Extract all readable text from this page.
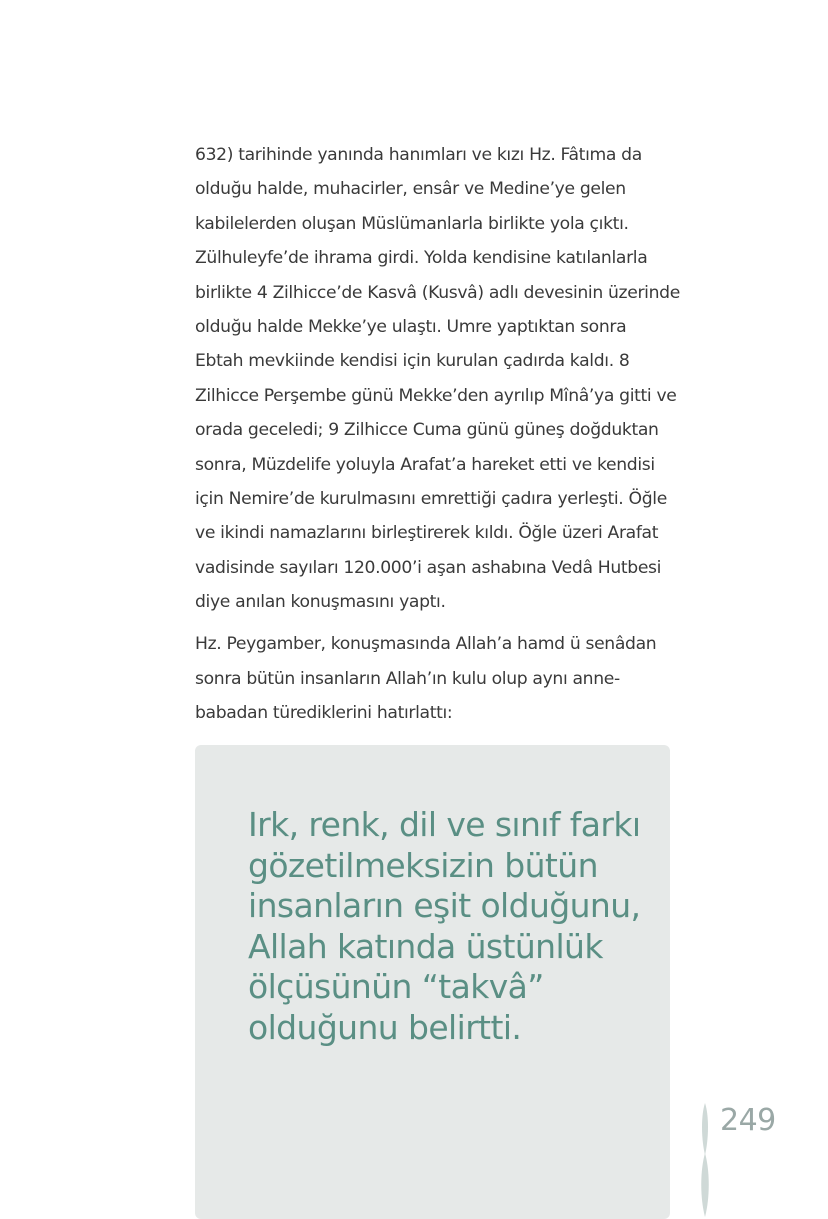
632) tarihinde yanında hanımları ve kızı Hz. Fâtıma da
olduğu halde, muhacirler, ensâr ve Medine’ye gelen
kabilelerden oluşan Müslümanlarla birlikte yola çıktı.
Zülhuleyfe’de ihrama girdi. Yolda kendisine katılanlarla
birlikte 4 Zilhicce’de Kasvâ (Kusvâ) adlı devesinin üzerinde
olduğu halde Mekke’ye ulaştı. Umre yaptıktan sonra
Ebtah mevkiinde kendisi için kurulan çadırda kaldı. 8
Zilhicce Perşembe günü Mekke’den ayrılıp Mînâ’ya gitti ve
orada geceledi; 9 Zilhicce Cuma günü güneş doğduktan
sonra, Müzdelife yoluyla Arafat’a hareket etti ve kendisi
için Nemire’de kurulmasını emrettiği çadıra yerleşti. Öğle
ve ikindi namazlarını birleştirerek kıldı. Öğle üzeri Arafat
vadisinde sayıları 120.000’i aşan ashabına Vedâ Hutbesi
diye anılan konuşmasını yaptı.

Hz. Peygamber, konuşmasında Allah’a hamd ü senâdan
sonra bütün insanların Allah’ın kulu olup aynı anne-
babadan türediklerini hatırlattı:

Irk, renk, dil ve sınıf farkı
gözetilmeksizin bütün
insanların eşit olduğunu,
Allah katında üstünlük
ölçüsünün “takvâ”
olduğunu belirtti.
249
